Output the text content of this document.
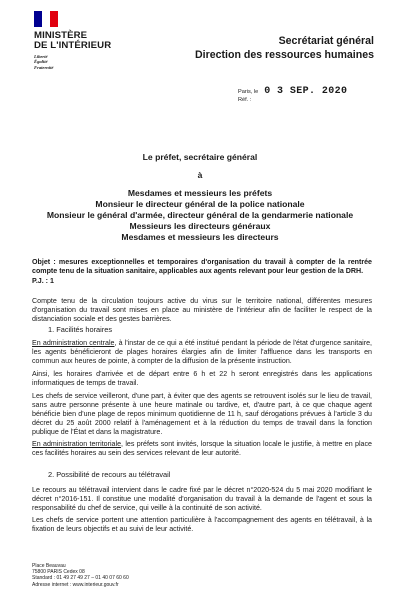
MINISTÈRE
DE L'INTÉRIEUR
Liberté
Égalité
Fraternité
Secrétariat général
Direction des ressources humaines
Paris, le 0 3 SEP. 2020
Réf. :
Le préfet, secrétaire général
à
Mesdames et messieurs les préfets
Monsieur le directeur général de la police nationale
Monsieur le général d'armée, directeur général de la gendarmerie nationale
Messieurs les directeurs généraux
Mesdames et messieurs les directeurs
Objet : mesures exceptionnelles et temporaires d'organisation du travail à compter de la rentrée compte tenu de la situation sanitaire, applicables aux agents relevant pour leur gestion de la DRH.
P.J. : 1
Compte tenu de la circulation toujours active du virus sur le territoire national, différentes mesures d'organisation du travail sont mises en place au ministère de l'intérieur afin de faciliter le respect de la distanciation sociale et des gestes barrières.
1. Facilités horaires
En administration centrale, à l'instar de ce qui a été institué pendant la période de l'état d'urgence sanitaire, les agents bénéficieront de plages horaires élargies afin de limiter l'affluence dans les transports en commun aux heures de pointe, à compter de la diffusion de la présente instruction.
Ainsi, les horaires d'arrivée et de départ entre 6 h et 22 h seront enregistrés dans les applications informatiques de temps de travail.
Les chefs de service veilleront, d'une part, à éviter que des agents se retrouvent isolés sur le lieu de travail, sans autre personne présente à une heure matinale ou tardive, et, d'autre part, à ce que chaque agent bénéficie bien d'une plage de repos minimum quotidienne de 11 h, sauf dérogations prévues à l'article 3 du décret du 25 août 2000 relatif à l'aménagement et à la réduction du temps de travail dans la fonction publique de l'État et dans la magistrature.
En administration territoriale, les préfets sont invités, lorsque la situation locale le justifie, à mettre en place ces facilités horaires au sein des services relevant de leur autorité.
2. Possibilité de recours au télétravail
Le recours au télétravail intervient dans le cadre fixé par le décret n°2020-524 du 5 mai 2020 modifiant le décret n°2016-151. Il constitue une modalité d'organisation du travail à la demande de l'agent et sous la responsabilité du chef de service, qui veille à la continuité de son activité.
Les chefs de service portent une attention particulière à l'accompagnement des agents en télétravail, à la fixation de leurs objectifs et au suivi de leur activité.
Place Beauvau
75800 PARIS Cedex 08
Standard : 01 49 27 49 27 – 01 40 07 60 60
Adresse internet : www.interieur.gouv.fr
